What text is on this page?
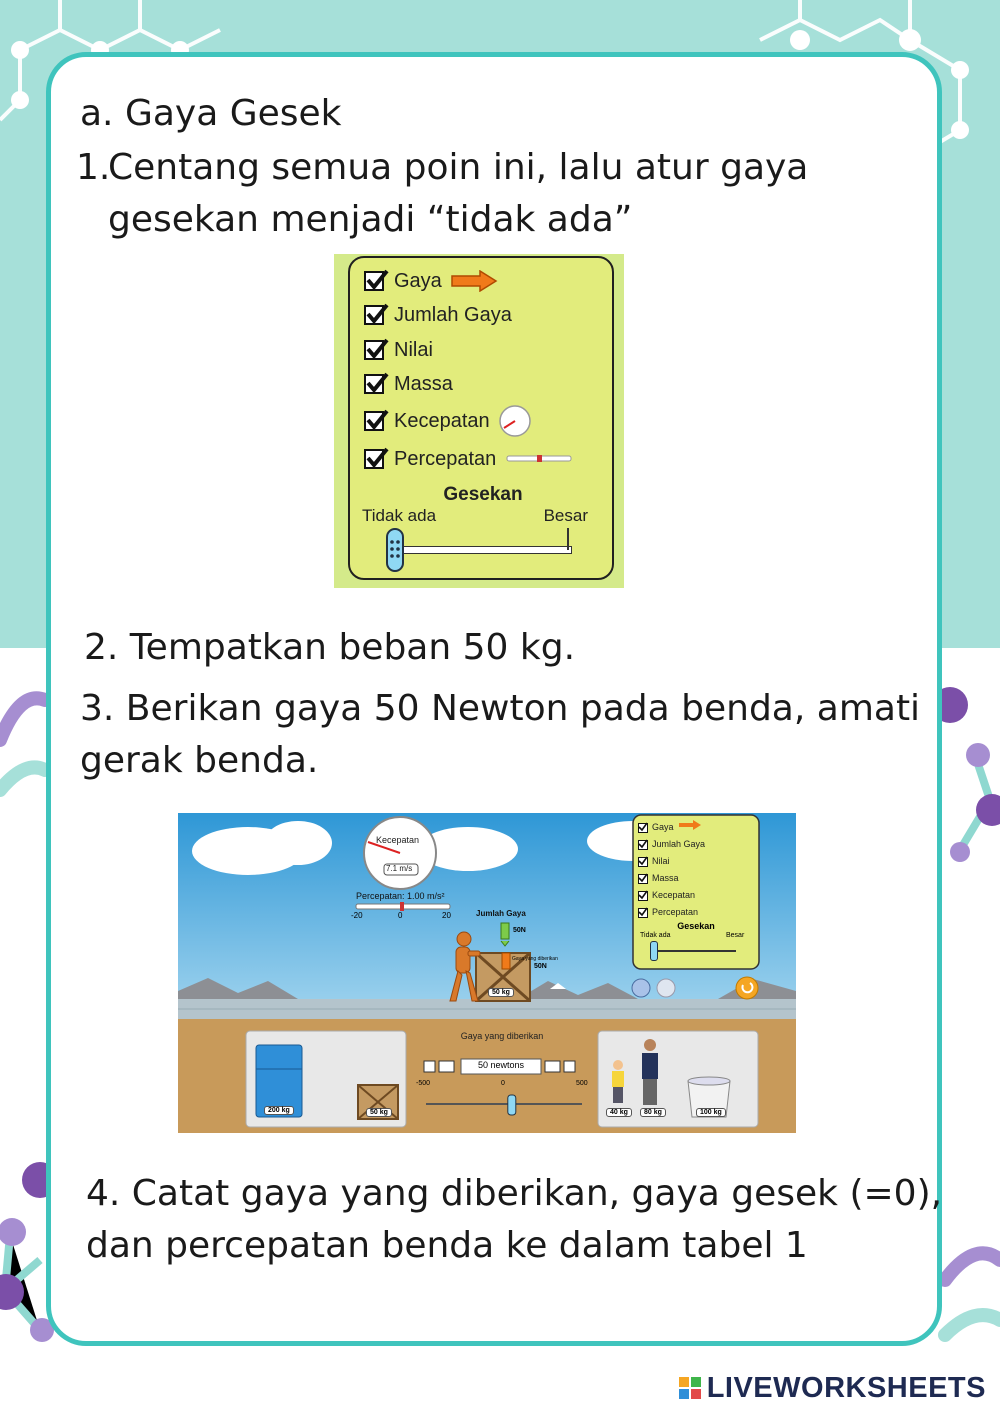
a. Gaya Gesek
1.
Centang semua poin ini, lalu atur gaya
gesekan menjadi “tidak ada”
Gaya
Jumlah Gaya
Nilai
Massa
Kecepatan
Percepatan
Gesekan
Tidak ada	Besar
2. Tempatkan beban 50 kg.
3. Berikan gaya 50 Newton pada benda, amati
gerak benda.
Kecepatan
7.1 m/s
Percepatan: 1.00 m/s²
-20	0	20	Jumlah Gaya
50N
Gaya yang diberikan
50N
50 kg
Gaya
Jumlah Gaya
Nilai
Massa
Kecepatan
Percepatan
Gesekan
Tidak ada	Besar
Gaya yang diberikan
50 newtons
-500	0	500
200 kg	50 kg	40 kg	80 kg	100 kg
4. Catat gaya yang diberikan, gaya gesek (=0),
dan percepatan benda ke dalam tabel 1
LIVEWORKSHEETS
